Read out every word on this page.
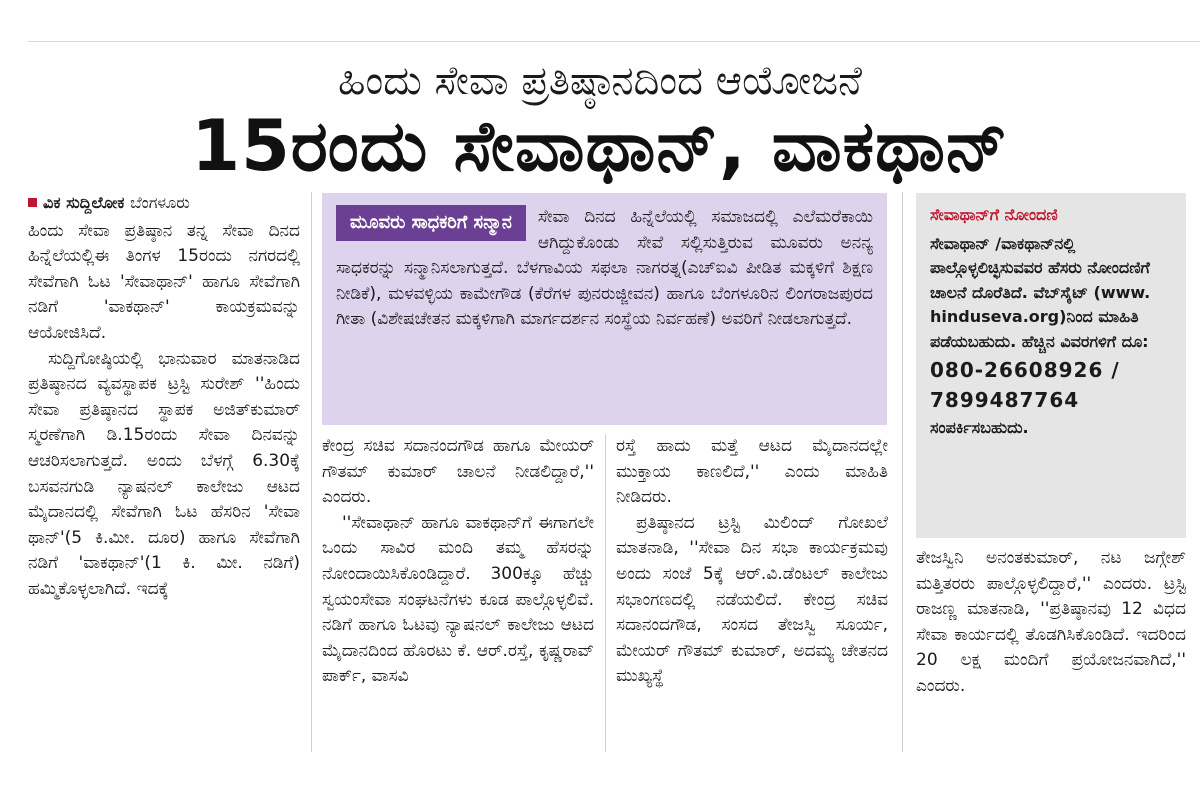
ಹಿಂದು ಸೇವಾ ಪ್ರತಿಷ್ಠಾನದಿಂದ ಆಯೋಜನೆ
15ರಂದು ಸೇವಾಥಾನ್, ವಾಕಥಾನ್
ವಿಕ ಸುದ್ದಿಲೋಕ ಬೆಂಗಳೂರು

ಹಿಂದು ಸೇವಾ ಪ್ರತಿಷ್ಠಾನ ತನ್ನ ಸೇವಾ ದಿನದ ಹಿನ್ನೆಲೆಯಲ್ಲಿಈ ತಿಂಗಳ 15ರಂದು ನಗರದಲ್ಲಿ ಸೇವೆಗಾಗಿ ಓಟ 'ಸೇವಾಥಾನ್' ಹಾಗೂ ಸೇವೆಗಾಗಿ ನಡಿಗೆ 'ವಾಕಥಾನ್' ಕಾಯಕ್ರಮವನ್ನು ಆಯೋಜಿಸಿದೆ.

ಸುದ್ದಿಗೋಷ್ಠಿಯಲ್ಲಿ ಭಾನುವಾರ ಮಾತನಾಡಿದ ಪ್ರತಿಷ್ಠಾನದ ವ್ಯವಸ್ಥಾಪಕ ಟ್ರಸ್ಟಿ ಸುರೇಶ್ ''ಹಿಂದು ಸೇವಾ ಪ್ರತಿಷ್ಠಾನದ ಸ್ಥಾಪಕ ಅಜಿತ್‌ಕುಮಾರ್ ಸ್ಮರಣೆಗಾಗಿ ಡಿ.15ರಂದು ಸೇವಾ ದಿನವನ್ನು ಆಚರಿಸಲಾಗುತ್ತದೆ. ಅಂದು ಬೆಳಗ್ಗೆ 6.30ಕ್ಕೆ ಬಸವನಗುಡಿ ನ್ಯಾಷನಲ್ ಕಾಲೇಜು ಆಟದ ಮೈದಾನದಲ್ಲಿ ಸೇವೆಗಾಗಿ ಓಟ ಹೆಸರಿನ 'ಸೇವಾ ಥಾನ್'(5 ಕಿ.ಮೀ. ದೂರ) ಹಾಗೂ ಸೇವೆಗಾಗಿ ನಡಿಗೆ 'ವಾಕಥಾನ್'(1 ಕಿ. ಮೀ. ನಡಿಗೆ) ಹಮ್ಮಿಕೊಳ್ಳಲಾಗಿದೆ. ಇದಕ್ಕೆ

ಮೂವರು ಸಾಧಕರಿಗೆ ಸನ್ಮಾನ	ಸೇವಾ ದಿನದ ಹಿನ್ನೆಲೆಯಲ್ಲಿ ಸಮಾಜದಲ್ಲಿ ಎಲೆಮರೆಕಾಯಿ ಆಗಿದ್ದುಕೊಂಡು ಸೇವೆ ಸಲ್ಲಿಸುತ್ತಿರುವ ಮೂವರು ಅನನ್ಯ ಸಾಧಕರನ್ನು ಸನ್ಮಾನಿಸಲಾಗುತ್ತದೆ. ಬೆಳಗಾವಿಯ ಸಫಲಾ ನಾಗರತ್ನ(ಎಚ್‌ಐವಿ ಪೀಡಿತ ಮಕ್ಕಳಿಗೆ ಶಿಕ್ಷಣ ನೀಡಿಕೆ), ಮಳವಳ್ಳಿಯ ಕಾಮೇಗೌಡ (ಕೆರೆಗಳ ಪುನರುಜ್ಜೀವನ) ಹಾಗೂ ಬೆಂಗಳೂರಿನ ಲಿಂಗರಾಜಪುರದ ಗೀತಾ (ವಿಶೇಷಚೇತನ ಮಕ್ಕಳಿಗಾಗಿ ಮಾರ್ಗದರ್ಶನ ಸಂಸ್ಥೆಯ ನಿರ್ವಹಣೆ) ಅವರಿಗೆ ನೀಡಲಾಗುತ್ತದೆ.

ಕೇಂದ್ರ ಸಚಿವ ಸದಾನಂದಗೌಡ ಹಾಗೂ ಮೇಯರ್ ಗೌತಮ್ ಕುಮಾರ್ ಚಾಲನೆ ನೀಡಲಿದ್ದಾರೆ,'' ಎಂದರು.

''ಸೇವಾಥಾನ್ ಹಾಗೂ ವಾಕಥಾನ್‌ಗೆ ಈಗಾಗಲೇ ಒಂದು ಸಾವಿರ ಮಂದಿ ತಮ್ಮ ಹೆಸರನ್ನು ನೋಂದಾಯಿಸಿಕೊಂಡಿದ್ದಾರೆ. 300ಕ್ಕೂ ಹೆಚ್ಚು ಸ್ವಯಂಸೇವಾ ಸಂಘಟನೆಗಳು ಕೂಡ ಪಾಲ್ಗೊಳ್ಳಲಿವೆ. ನಡಿಗೆ ಹಾಗೂ ಓಟವು ನ್ಯಾಷನಲ್ ಕಾಲೇಜು ಆಟದ ಮೈದಾನದಿಂದ ಹೊರಟು ಕೆ. ಆರ್.ರಸ್ತೆ, ಕೃಷ್ಣರಾವ್ ಪಾರ್ಕ್, ವಾಸವಿ

ರಸ್ತೆ ಹಾದು ಮತ್ತೆ ಆಟದ ಮೈದಾನದಲ್ಲೇ ಮುಕ್ತಾಯ ಕಾಣಲಿದೆ,'' ಎಂದು ಮಾಹಿತಿ ನೀಡಿದರು.

ಪ್ರತಿಷ್ಠಾನದ ಟ್ರಸ್ಟಿ ಮಿಲಿಂದ್ ಗೋಖಲೆ ಮಾತನಾಡಿ, ''ಸೇವಾ ದಿನ ಸಭಾ ಕಾರ್ಯಕ್ರಮವು ಅಂದು ಸಂಜೆ 5ಕ್ಕೆ ಆರ್.ವಿ.ಡೆಂಟಲ್ ಕಾಲೇಜು ಸಭಾಂಗಣದಲ್ಲಿ ನಡೆಯಲಿದೆ. ಕೇಂದ್ರ ಸಚಿವ ಸದಾನಂದಗೌಡ, ಸಂಸದ ತೇಜಸ್ವಿ ಸೂರ್ಯ, ಮೇಯರ್ ಗೌತಮ್ ಕುಮಾರ್, ಅದಮ್ಯ ಚೇತನದ ಮುಖ್ಯಸ್ಥೆ

ಸೇವಾಥಾನ್‌ಗೆ ನೋಂದಣಿ
ಸೇವಾಥಾನ್ /ವಾಕಥಾನ್‌ನಲ್ಲಿ ಪಾಲ್ಗೊಳ್ಳಲಿಚ್ಛಿಸುವವರ ಹೆಸರು ನೋಂದಣಿಗೆ ಚಾಲನೆ ದೊರೆತಿದೆ. ವೆಬ್‌ಸೈಟ್ (www. hinduseva.org)ನಿಂದ ಮಾಹಿತಿ ಪಡೆಯಬಹುದು. ಹೆಚ್ಚಿನ ವಿವರಗಳಿಗೆ ದೂ:
080-26608926 /
7899487764
ಸಂಪರ್ಕಿಸಬಹುದು.

ತೇಜಸ್ವಿನಿ ಅನಂತಕುಮಾರ್, ನಟ ಜಗ್ಗೇಶ್ ಮತ್ತಿತರರು ಪಾಲ್ಗೊಳ್ಳಲಿದ್ದಾರೆ,'' ಎಂದರು. ಟ್ರಸ್ಟಿ ರಾಜಣ್ಣ ಮಾತನಾಡಿ, ''ಪ್ರತಿಷ್ಠಾನವು 12 ವಿಧದ ಸೇವಾ ಕಾರ್ಯದಲ್ಲಿ ತೊಡಗಿಸಿಕೊಂಡಿದೆ. ಇದರಿಂದ 20 ಲಕ್ಷ ಮಂದಿಗೆ ಪ್ರಯೋಜನವಾಗಿದೆ,'' ಎಂದರು.
